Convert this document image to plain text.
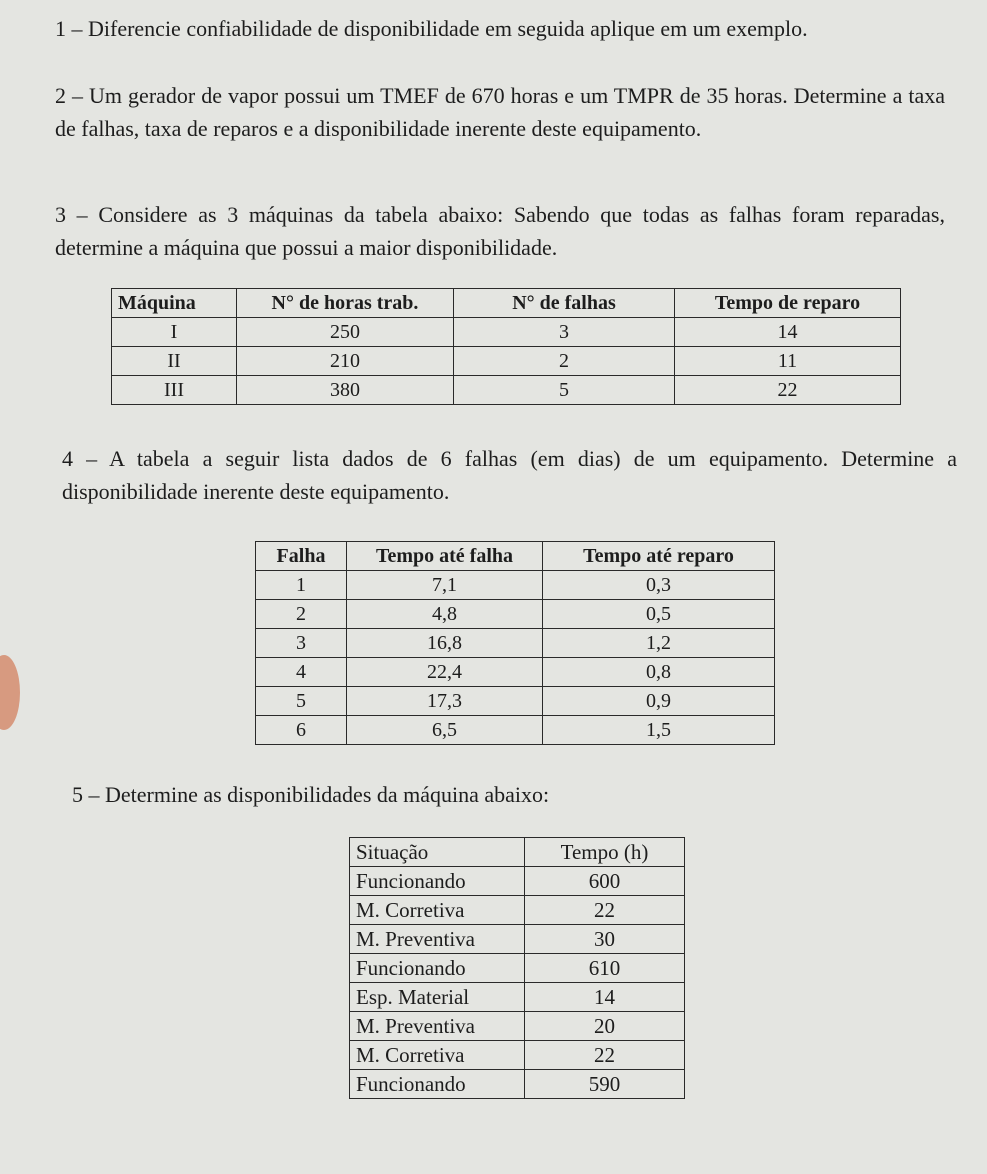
1 – Diferencie confiabilidade de disponibilidade em seguida aplique em um exemplo.
2 – Um gerador de vapor possui um TMEF de 670 horas e um TMPR de 35 horas. Determine a taxa de falhas, taxa de reparos e a disponibilidade inerente deste equipamento.
3 – Considere as 3 máquinas da tabela abaixo: Sabendo que todas as falhas foram reparadas, determine a máquina que possui a maior disponibilidade.
Máquina	N° de horas trab.	N° de falhas	Tempo de reparo
I	250	3	14
II	210	2	11
III	380	5	22
4 – A tabela a seguir lista dados de 6 falhas (em dias) de um equipamento. Determine a disponibilidade inerente deste equipamento.
Falha	Tempo até falha	Tempo até reparo
1	7,1	0,3
2	4,8	0,5
3	16,8	1,2
4	22,4	0,8
5	17,3	0,9
6	6,5	1,5
5 – Determine as disponibilidades da máquina abaixo:
Situação	Tempo (h)
Funcionando	600
M. Corretiva	22
M. Preventiva	30
Funcionando	610
Esp. Material	14
M. Preventiva	20
M. Corretiva	22
Funcionando	590
